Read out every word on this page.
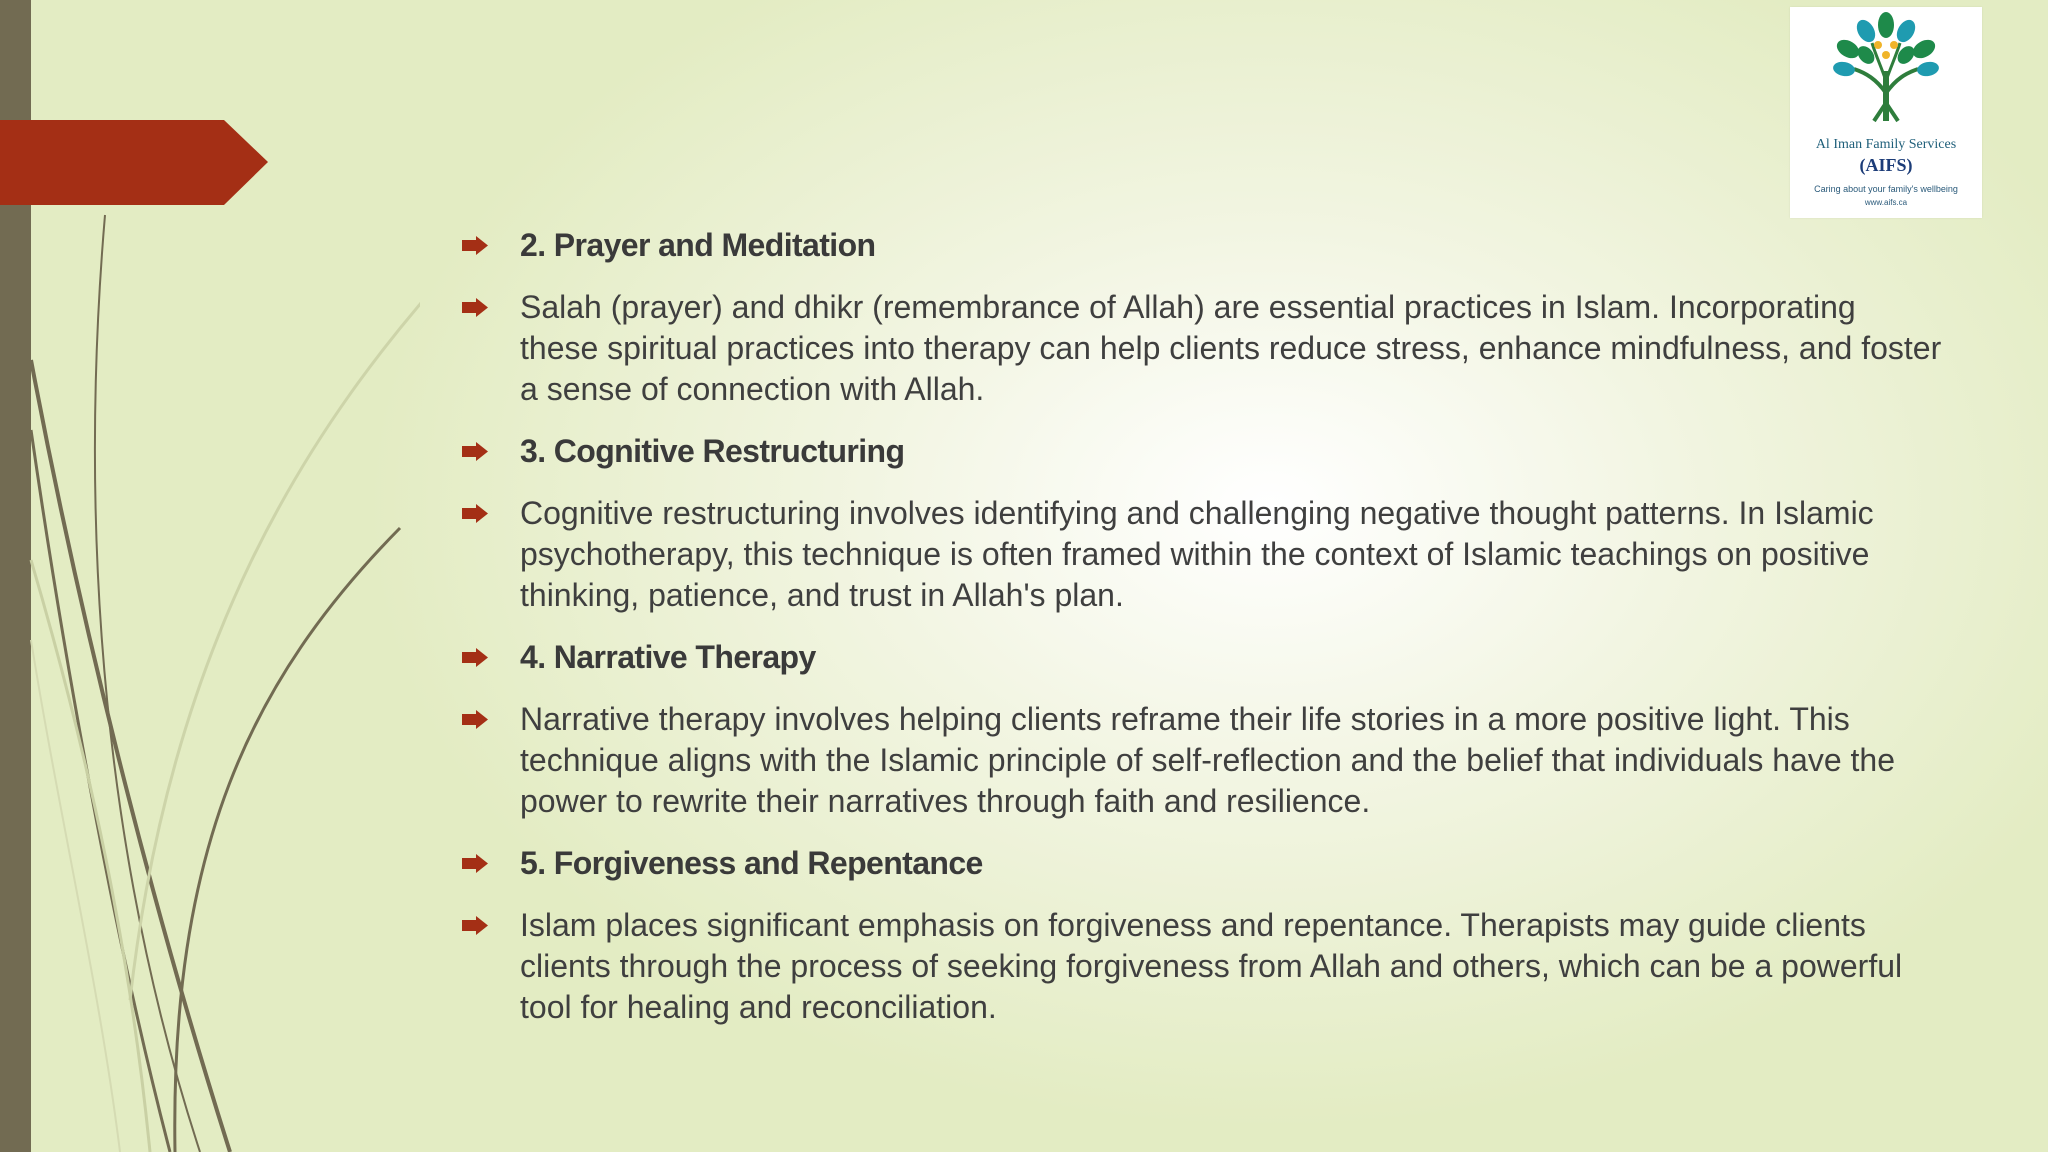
Al Iman Family Services
(AIFS)
Caring about your family's wellbeing
www.aifs.ca
2. Prayer and Meditation
Salah (prayer) and dhikr (remembrance of Allah) are essential practices in Islam. Incorporating these spiritual practices into therapy can help clients reduce stress, enhance mindfulness, and foster a sense of connection with Allah.
3. Cognitive Restructuring
Cognitive restructuring involves identifying and challenging negative thought patterns. In Islamic psychotherapy, this technique is often framed within the context of Islamic teachings on positive thinking, patience, and trust in Allah's plan.
4. Narrative Therapy
Narrative therapy involves helping clients reframe their life stories in a more positive light. This technique aligns with the Islamic principle of self-reflection and the belief that individuals have the power to rewrite their narratives through faith and resilience.
5. Forgiveness and Repentance
Islam places significant emphasis on forgiveness and repentance. Therapists may guide clients clients through the process of seeking forgiveness from Allah and others, which can be a powerful tool for healing and reconciliation.
